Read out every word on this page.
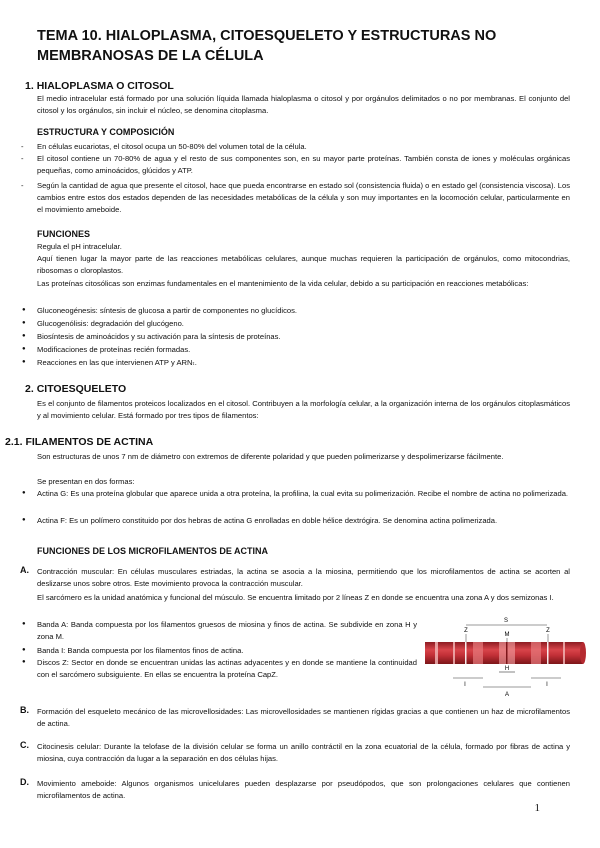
TEMA 10. HIALOPLASMA, CITOESQUELETO Y ESTRUCTURAS NO
MEMBRANOSAS DE LA CÉLULA
1. HIALOPLASMA O CITOSOL
El medio intracelular está formado por una solución líquida llamada hialoplasma o citosol y por orgánulos delimitados o no por membranas. El conjunto del citosol y los orgánulos, sin incluir el núcleo, se denomina citoplasma.
ESTRUCTURA Y COMPOSICIÓN
- En células eucariotas, el citosol ocupa un 50-80% del volumen total de la célula.
- El citosol contiene un 70-80% de agua y el resto de sus componentes son, en su mayor parte proteínas. También consta de iones y moléculas orgánicas pequeñas, como aminoácidos, glúcidos y ATP.
- Según la cantidad de agua que presente el citosol, hace que pueda encontrarse en estado sol (consistencia fluida) o en estado gel (consistencia viscosa). Los cambios entre estos dos estados dependen de las necesidades metabólicas de la célula y son muy importantes en la locomoción celular, particularmente en el movimiento ameboide.
FUNCIONES
Regula el pH intracelular.
Aquí tienen lugar la mayor parte de las reacciones metabólicas celulares, aunque muchas requieren la participación de orgánulos, como mitocondrias, ribosomas o cloroplastos.
Las proteínas citosólicas son enzimas fundamentales en el mantenimiento de la vida celular, debido a su participación en reacciones metabólicas:
● Gluconeogénesis: síntesis de glucosa a partir de componentes no glucídicos.
● Glucogenólisis: degradación del glucógeno.
● Biosíntesis de aminoácidos y su activación para la síntesis de proteínas.
● Modificaciones de proteínas recién formadas.
● Reacciones en las que intervienen ATP y ARNₜ.
2. CITOESQUELETO
Es el conjunto de filamentos proteicos localizados en el citosol. Contribuyen a la morfología celular, a la organización interna de los orgánulos citoplasmáticos y al movimiento celular. Está formado por tres tipos de filamentos:
2.1. FILAMENTOS DE ACTINA
Son estructuras de unos 7 nm de diámetro con extremos de diferente polaridad y que pueden polimerizarse y despolimerizarse fácilmente.
Se presentan en dos formas:
● Actina G: Es una proteína globular que aparece unida a otra proteína, la profilina, la cual evita su polimerización. Recibe el nombre de actina no polimerizada.
● Actina F: Es un polímero constituido por dos hebras de actina G enrolladas en doble hélice dextrógira. Se denomina actina polimerizada.
FUNCIONES DE LOS MICROFILAMENTOS DE ACTINA
A. Contracción muscular: En células musculares estriadas, la actina se asocia a la miosina, permitiendo que los microfilamentos de actina se acorten al deslizarse unos sobre otros. Este movimiento provoca la contracción muscular.
El sarcómero es la unidad anatómica y funcional del músculo. Se encuentra limitado por 2 líneas Z en donde se encuentra una zona A y dos semizonas I.
● Banda A: Banda compuesta por los filamentos gruesos de miosina y finos de actina. Se subdivide en zona H y zona M.
● Banda I: Banda compuesta por los filamentos finos de actina.
● Discos Z: Sector en donde se encuentran unidas las actinas adyacentes y en donde se mantiene la continuidad con el sarcómero subsiguiente. En ellas se encuentra la proteína CapZ.
S
M
Z	Z
H
A
I	I
B. Formación del esqueleto mecánico de las microvellosidades: Las microvellosidades se mantienen rígidas gracias a que contienen un haz de microfilamentos de actina.
C. Citocinesis celular: Durante la telofase de la división celular se forma un anillo contráctil en la zona ecuatorial de la célula, formado por fibras de actina y miosina, cuya contracción da lugar a la separación en dos células hijas.
D. Movimiento ameboide: Algunos organismos unicelulares pueden desplazarse por pseudópodos, que son prolongaciones celulares que contienen microfilamentos de actina.
1
